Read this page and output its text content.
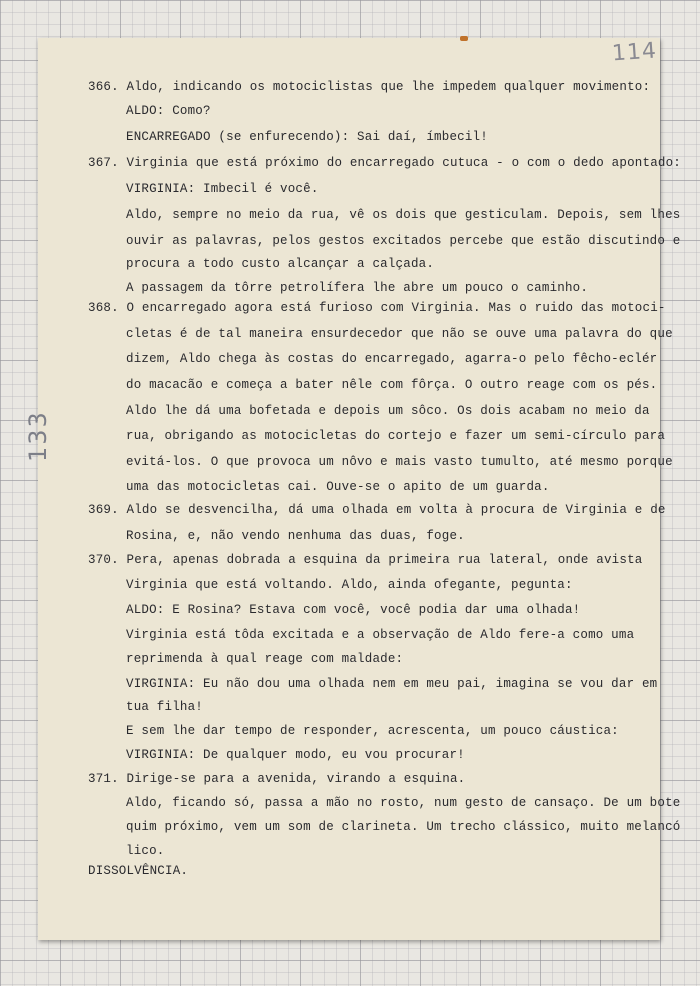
114
133
366. Aldo, indicando os motociclistas que lhe impedem qualquer movimento:
ALDO: Como?
ENCARREGADO (se enfurecendo): Sai daí, ímbecil!
367. Virginia que está próximo do encarregado cutuca - o com o dedo apontado:
VIRGINIA: Imbecil é você.
Aldo, sempre no meio da rua, vê os dois que gesticulam. Depois, sem lhes
ouvir as palavras, pelos gestos excitados percebe que estão discutindo e
procura a todo custo alcançar a calçada.
A passagem da tôrre petrolífera lhe abre um pouco o caminho.
368. O encarregado agora está furioso com Virginia. Mas o ruido das motoci-
cletas é de tal maneira ensurdecedor que não se ouve uma palavra do que
dizem, Aldo chega às costas do encarregado, agarra-o pelo fêcho-eclér
do macacão e começa a bater nêle com fôrça. O outro reage com os pés.
Aldo lhe dá uma bofetada e depois um sôco. Os dois acabam no meio da
rua, obrigando as motocicletas do cortejo e fazer um semi-círculo para
evitá-los. O que provoca um nôvo e mais vasto tumulto, até mesmo porque
uma das motocicletas cai. Ouve-se o apito de um guarda.
369. Aldo se desvencilha, dá uma olhada em volta à procura de Virginia e de
Rosina, e, não vendo nenhuma das duas, foge.
370. Pera, apenas dobrada a esquina da primeira rua lateral, onde avista
Virginia que está voltando. Aldo, ainda ofegante, pegunta:
ALDO: E Rosina? Estava com você, você podia dar uma olhada!
Virginia está tôda excitada e a observação de Aldo fere-a como uma
reprimenda à qual reage com maldade:
VIRGINIA: Eu não dou uma olhada nem em meu pai, imagina se vou dar em
tua filha!
E sem lhe dar tempo de responder, acrescenta, um pouco cáustica:
VIRGINIA: De qualquer modo, eu vou procurar!
371. Dirige-se para a avenida, virando a esquina.
Aldo, ficando só, passa a mão no rosto, num gesto de cansaço. De um bote
quim próximo, vem um som de clarineta. Um trecho clássico, muito melancó
lico.
DISSOLVÊNCIA.
